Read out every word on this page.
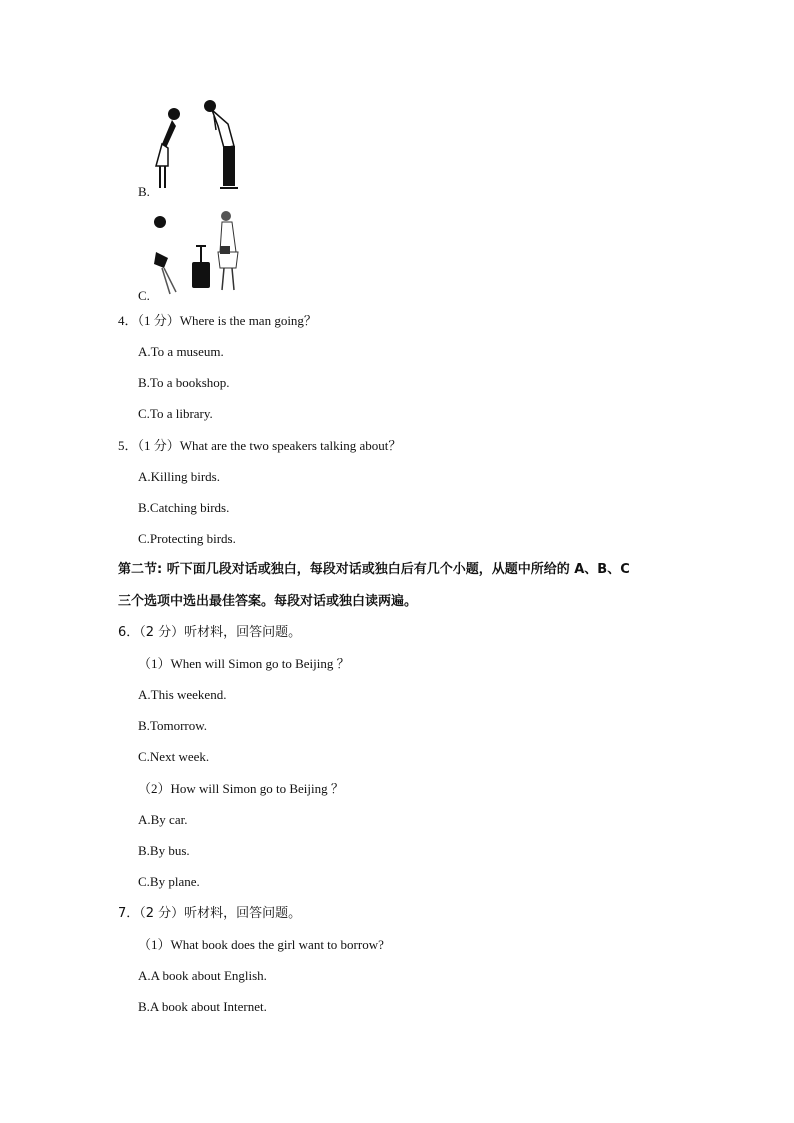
B.
C.
4．（1 分）Where is the man going？
A.To a museum.
B.To a bookshop.
C.To a library.
5．（1 分）What are the two speakers talking about？
A.Killing birds.
B.Catching birds.
C.Protecting birds.
第二节: 听下面几段对话或独白，每段对话或独白后有几个小题，从题中所给的 A、B、C
三个选项中选出最佳答案。每段对话或独白读两遍。
6．（2 分）听材料，回答问题。
（1）When will Simon go to Beijing ？
A.This weekend.
B.Tomorrow.
C.Next week.
（2）How will Simon go to Beijing ？
A.By car.
B.By bus.
C.By plane.
7．（2 分）听材料，回答问题。
（1）What book does the girl want to borrow?
A.A book about English.
B.A book about Internet.
